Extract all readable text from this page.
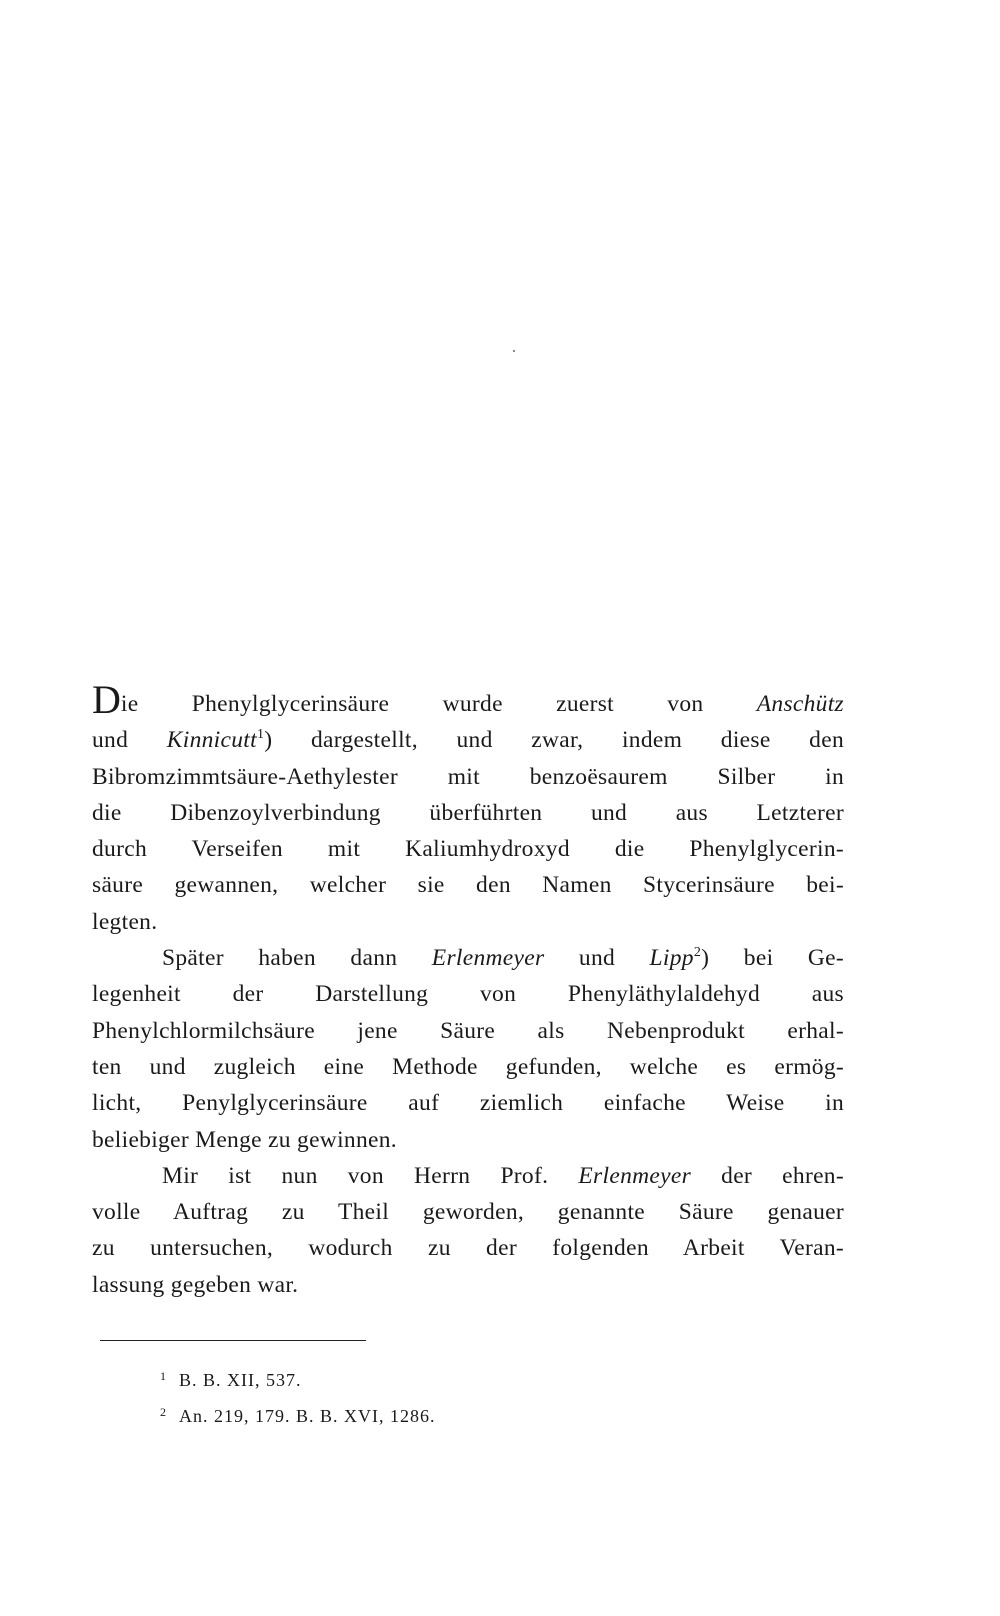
Die Phenylglycerinsäure wurde zuerst von Anschütz
und Kinnicutt$^1$) dargestellt, und zwar, indem diese den
Bibromzimmtsäure-Aethylester mit benzoësaurem Silber in
die Dibenzoylverbindung überführten und aus Letzterer
durch Verseifen mit Kaliumhydroxyd die Phenylglycerin-
säure gewannen, welcher sie den Namen Stycerinsäure bei-
legten.
Später haben dann Erlenmeyer und Lipp$^2$) bei Ge-
legenheit der Darstellung von Phenyläthylaldehyd aus
Phenylchlormilchsäure jene Säure als Nebenprodukt erhal-
ten und zugleich eine Methode gefunden, welche es ermög-
licht, Penylglycerinsäure auf ziemlich einfache Weise in
beliebiger Menge zu gewinnen.
Mir ist nun von Herrn Prof. Erlenmeyer der ehren-
volle Auftrag zu Theil geworden, genannte Säure genauer
zu untersuchen, wodurch zu der folgenden Arbeit Veran-
lassung gegeben war.
$^1$ B. B. XII, 537.
$^2$ An. 219, 179. B. B. XVI, 1286.
